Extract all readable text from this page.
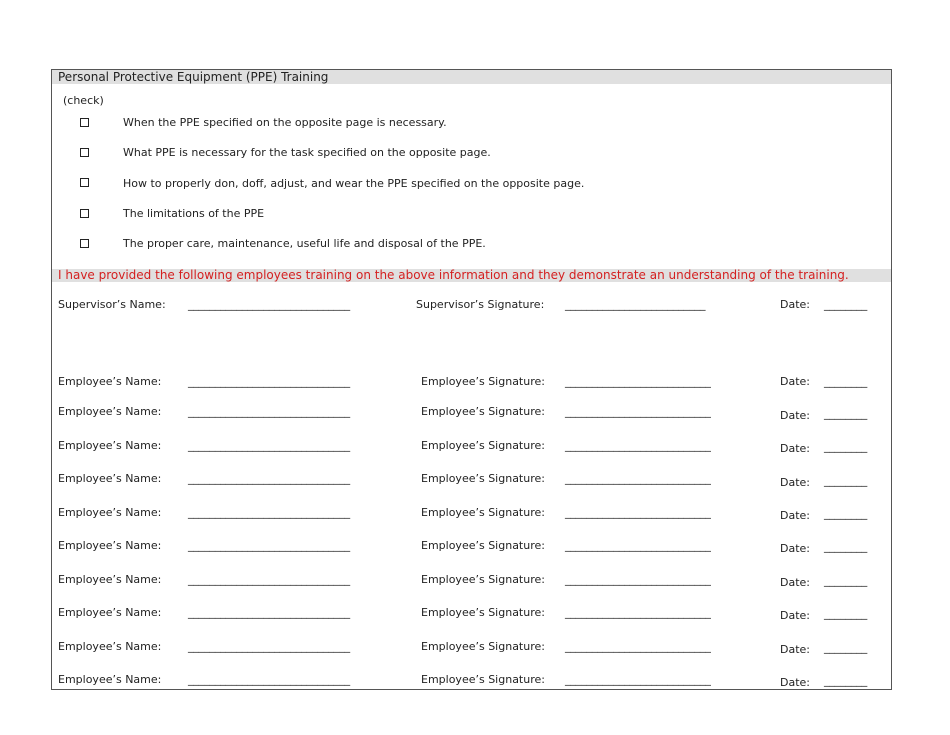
Personal Protective Equipment (PPE) Training
(check)
When the PPE specified on the opposite page is necessary.
What PPE is necessary for the task specified on the opposite page.
How to properly don, doff, adjust, and wear the PPE specified on the opposite page.
The limitations of the PPE
The proper care, maintenance, useful life and disposal of the PPE.
I have provided the following employees training on the above information and they demonstrate an understanding of the training.
Supervisor’s Name: ______________________________	Supervisor’s Signature: __________________________	Date: ________
Employee’s Name: ______________________________	Employee’s Signature: ___________________________	Date: ________
Employee’s Name: ______________________________	Employee’s Signature: ___________________________	Date: ________
Employee’s Name: ______________________________	Employee’s Signature: ___________________________	Date: ________
Employee’s Name: ______________________________	Employee’s Signature: ___________________________	Date: ________
Employee’s Name: ______________________________	Employee’s Signature: ___________________________	Date: ________
Employee’s Name: ______________________________	Employee’s Signature: ___________________________	Date: ________
Employee’s Name: ______________________________	Employee’s Signature: ___________________________	Date: ________
Employee’s Name: ______________________________	Employee’s Signature: ___________________________	Date: ________
Employee’s Name: ______________________________	Employee’s Signature: ___________________________	Date: ________
Employee’s Name: ______________________________	Employee’s Signature: ___________________________	Date: ________
